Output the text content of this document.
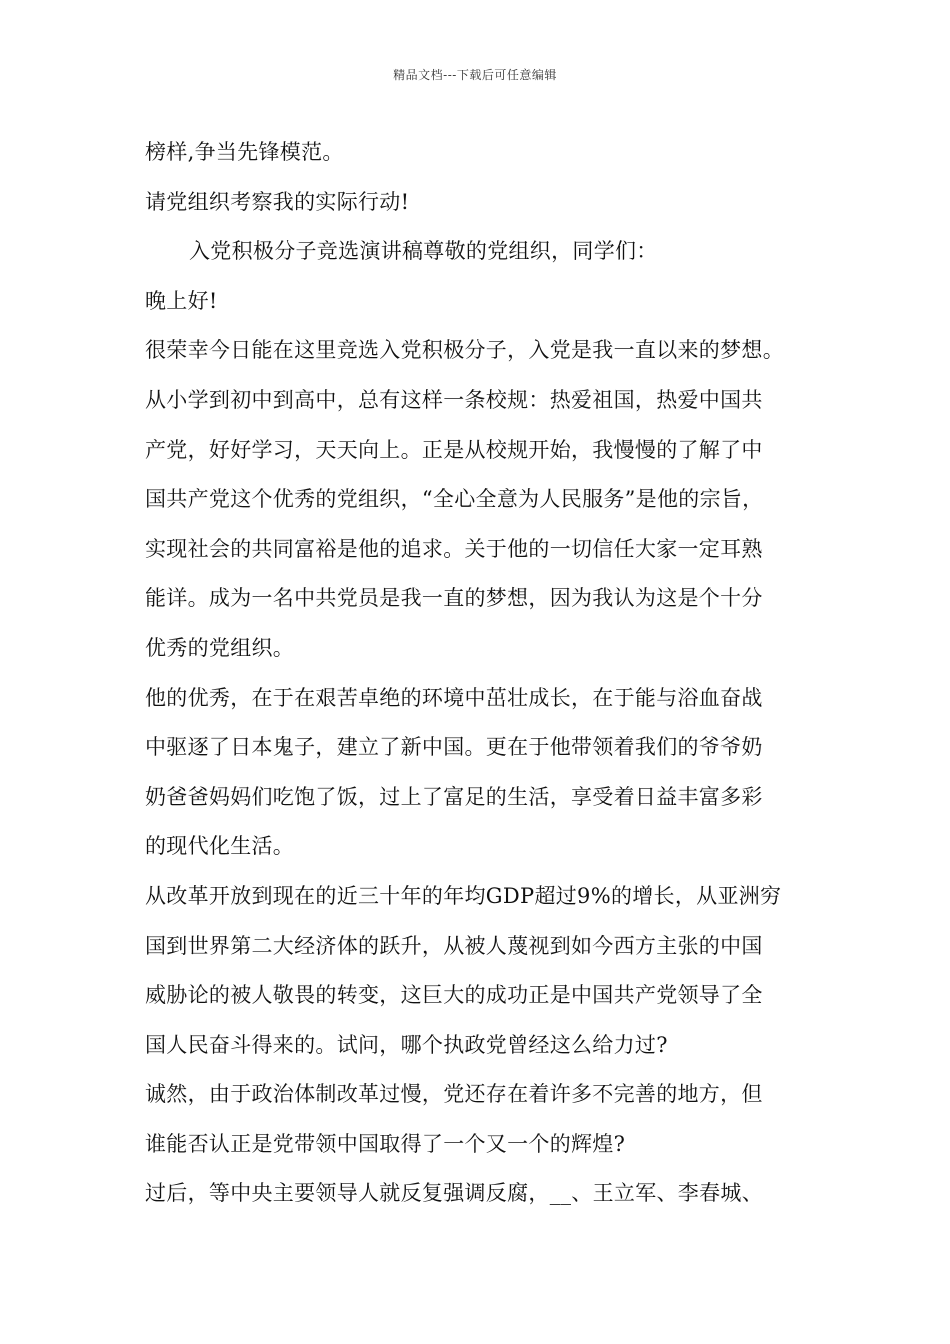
精品文档---下载后可任意编辑
榜样,争当先锋模范。
请党组织考察我的实际行动!
入党积极分子竞选演讲稿尊敬的党组织，同学们：
晚上好!
很荣幸今日能在这里竞选入党积极分子，入党是我一直以来的梦想。
从小学到初中到高中，总有这样一条校规：热爱祖国，热爱中国共
产党，好好学习，天天向上。正是从校规开始，我慢慢的了解了中
国共产党这个优秀的党组织，“全心全意为人民服务”是他的宗旨，
实现社会的共同富裕是他的追求。关于他的一切信任大家一定耳熟
能详。成为一名中共党员是我一直的梦想，因为我认为这是个十分
优秀的党组织。
他的优秀，在于在艰苦卓绝的环境中茁壮成长，在于能与浴血奋战
中驱逐了日本鬼子，建立了新中国。更在于他带领着我们的爷爷奶
奶爸爸妈妈们吃饱了饭，过上了富足的生活，享受着日益丰富多彩
的现代化生活。
从改革开放到现在的近三十年的年均GDP超过9%的增长，从亚洲穷
国到世界第二大经济体的跃升，从被人蔑视到如今西方主张的中国
威胁论的被人敬畏的转变，这巨大的成功正是中国共产党领导了全
国人民奋斗得来的。试问，哪个执政党曾经这么给力过?
诚然，由于政治体制改革过慢，党还存在着许多不完善的地方，但
谁能否认正是党带领中国取得了一个又一个的辉煌?
过后，等中央主要领导人就反复强调反腐，__、王立军、李春城、
